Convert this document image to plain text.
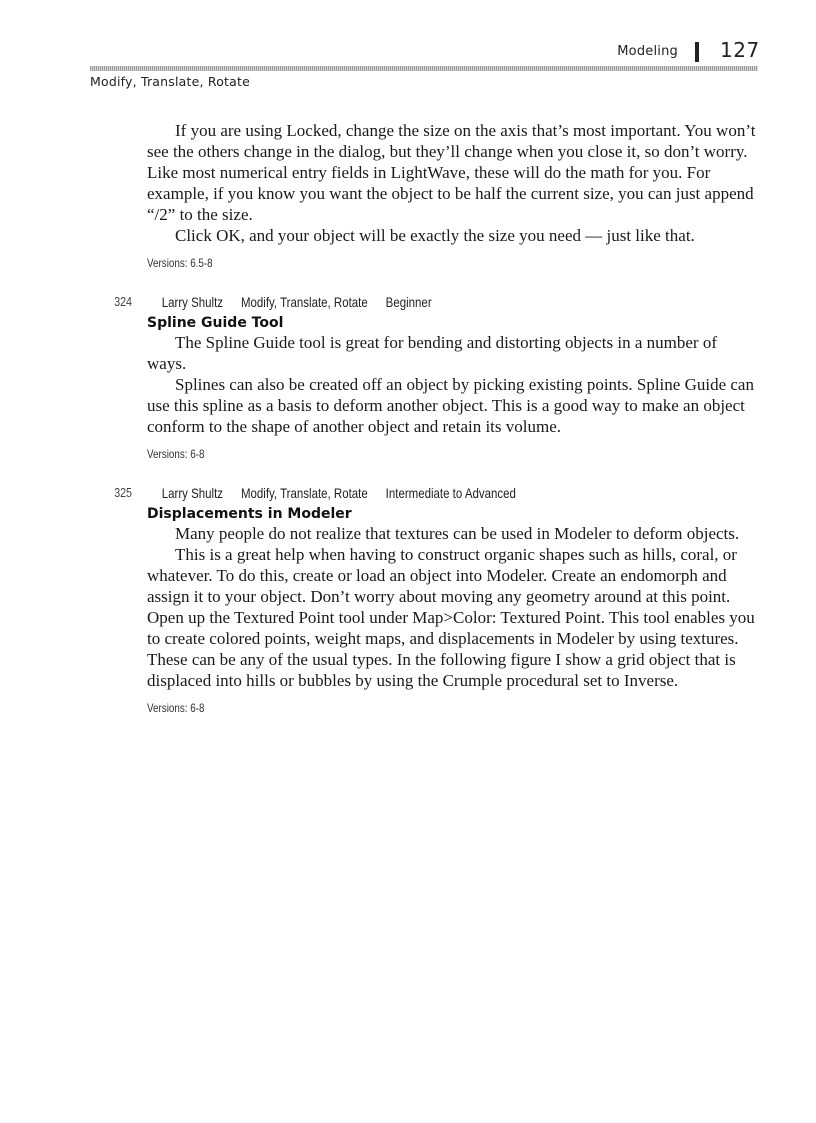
Modeling 127
Modify, Translate, Rotate

If you are using Locked, change the size on the axis that’s most important. You won’t see the others change in the dialog, but they’ll change when you close it, so don’t worry. Like most numerical entry fields in LightWave, these will do the math for you. For example, if you know you want the object to be half the current size, you can just append “/2” to the size.

Click OK, and your object will be exactly the size you need — just like that.

Versions: 6.5-8
324 Larry Shultz Modify, Translate, Rotate Beginner
Spline Guide Tool

The Spline Guide tool is great for bending and distorting objects in a number of ways.

Splines can also be created off an object by picking existing points. Spline Guide can use this spline as a basis to deform another object. This is a good way to make an object conform to the shape of another object and retain its volume.

Versions: 6-8
325 Larry Shultz Modify, Translate, Rotate Intermediate to Advanced
Displacements in Modeler

Many people do not realize that textures can be used in Modeler to deform objects.

This is a great help when having to construct organic shapes such as hills, coral, or whatever. To do this, create or load an object into Modeler. Create an endomorph and assign it to your object. Don’t worry about moving any geometry around at this point. Open up the Textured Point tool under Map>Color: Textured Point. This tool enables you to create colored points, weight maps, and displacements in Modeler by using textures. These can be any of the usual types. In the following figure I show a grid object that is displaced into hills or bubbles by using the Crumple procedural set to Inverse.

Versions: 6-8
